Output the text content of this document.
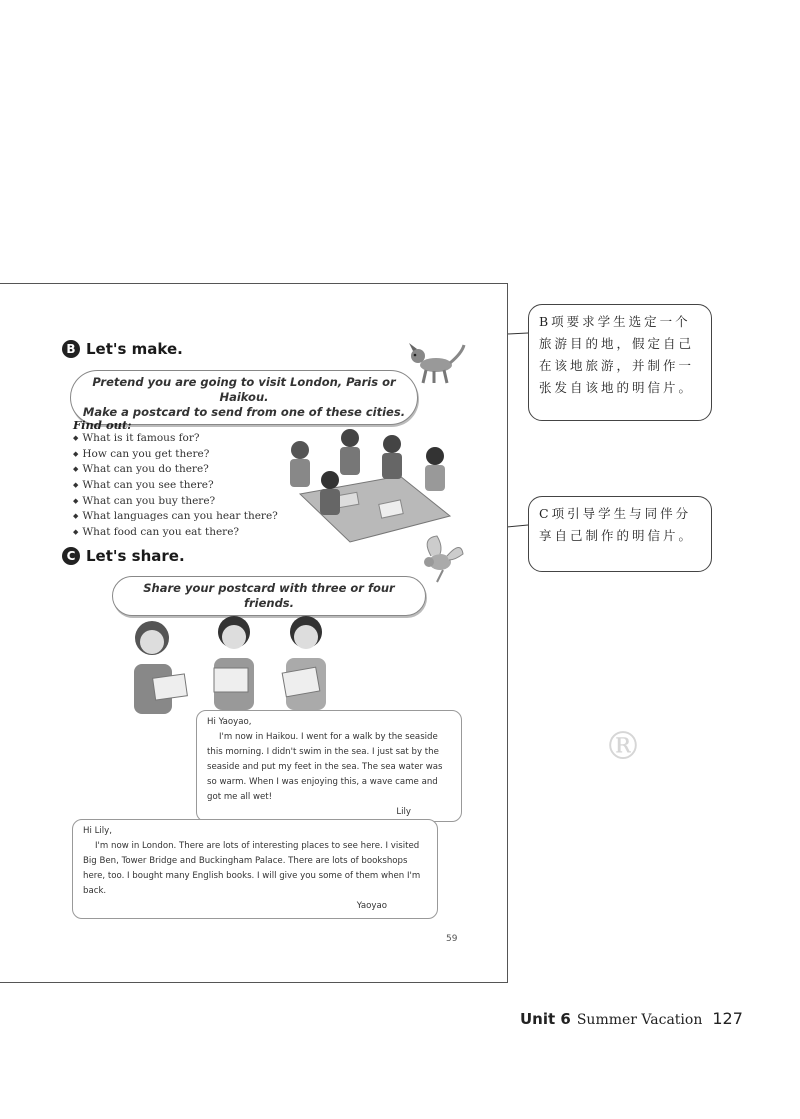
B Let's make.
Pretend you are going to visit London, Paris or Haikou.
Make a postcard to send from one of these cities.
Find out:
◆ What is it famous for?
◆ How can you get there?
◆ What can you do there?
◆ What can you see there?
◆ What can you buy there?
◆ What languages can you hear there?
◆ What food can you eat there?
C Let's share.
Share your postcard with three or four friends.
®
Hi Yaoyao,
I'm now in Haikou. I went for a walk by the seaside this morning. I didn't swim in the sea. I just sat by the seaside and put my feet in the sea. The sea water was so warm. When I was enjoying this, a wave came and got me all wet!
Lily
Hi Lily,
I'm now in London. There are lots of interesting places to see here. I visited Big Ben, Tower Bridge and Buckingham Palace. There are lots of bookshops here, too. I bought many English books. I will give you some of them when I'm back.
Yaoyao
59
B项要求学生选定一个旅游目的地，假定自己在该地旅游，并制作一张发自该地的明信片。
C项引导学生与同伴分享自己制作的明信片。
Unit 6 Summer Vacation 127
